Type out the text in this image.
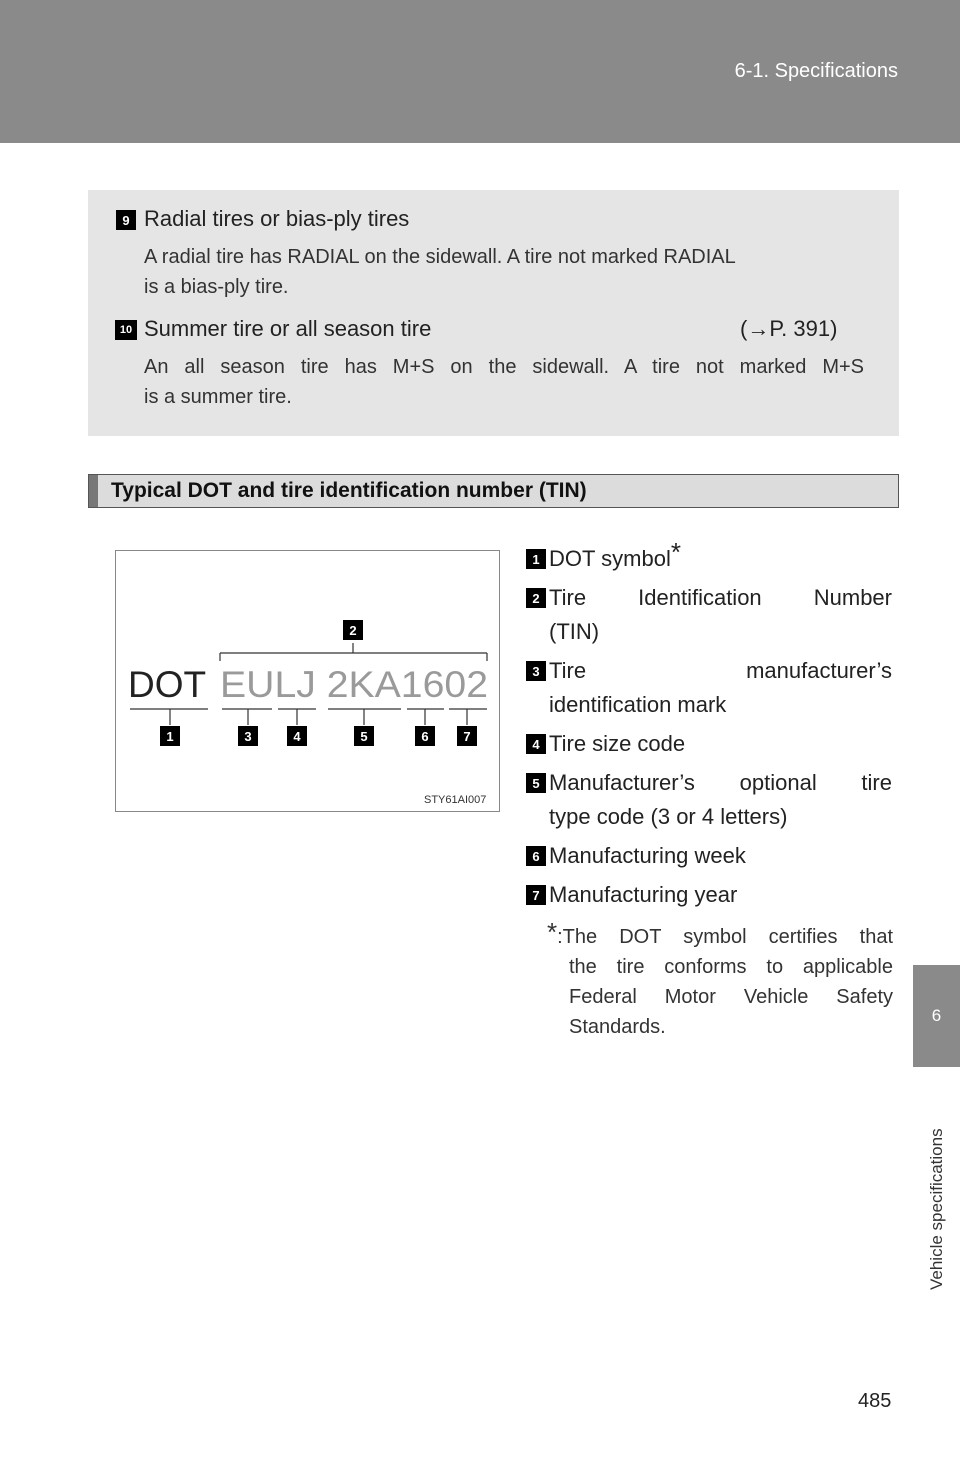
6-1. Specifications
6
Vehicle specifications
9 Radial tires or bias-ply tires
A radial tire has RADIAL on the sidewall. A tire not marked RADIAL
is a bias-ply tire.
10 Summer tire or all season tire	(→P. 391)
An all season tire has M+S on the sidewall. A tire not marked M+S
is a summer tire.
Typical DOT and tire identification number (TIN)
2
DOT EULJ 2KA1602
1	3	4	5	6	7
STY61AI007
1 DOT symbol*
2 Tire Identification Number
(TIN)
3 Tire manufacturer’s
identification mark
4 Tire size code
5 Manufacturer’s optional tire
type code (3 or 4 letters)
6 Manufacturing week
7 Manufacturing year
*:The DOT symbol certifies that
the tire conforms to applicable
Federal Motor Vehicle Safety
Standards.
485
